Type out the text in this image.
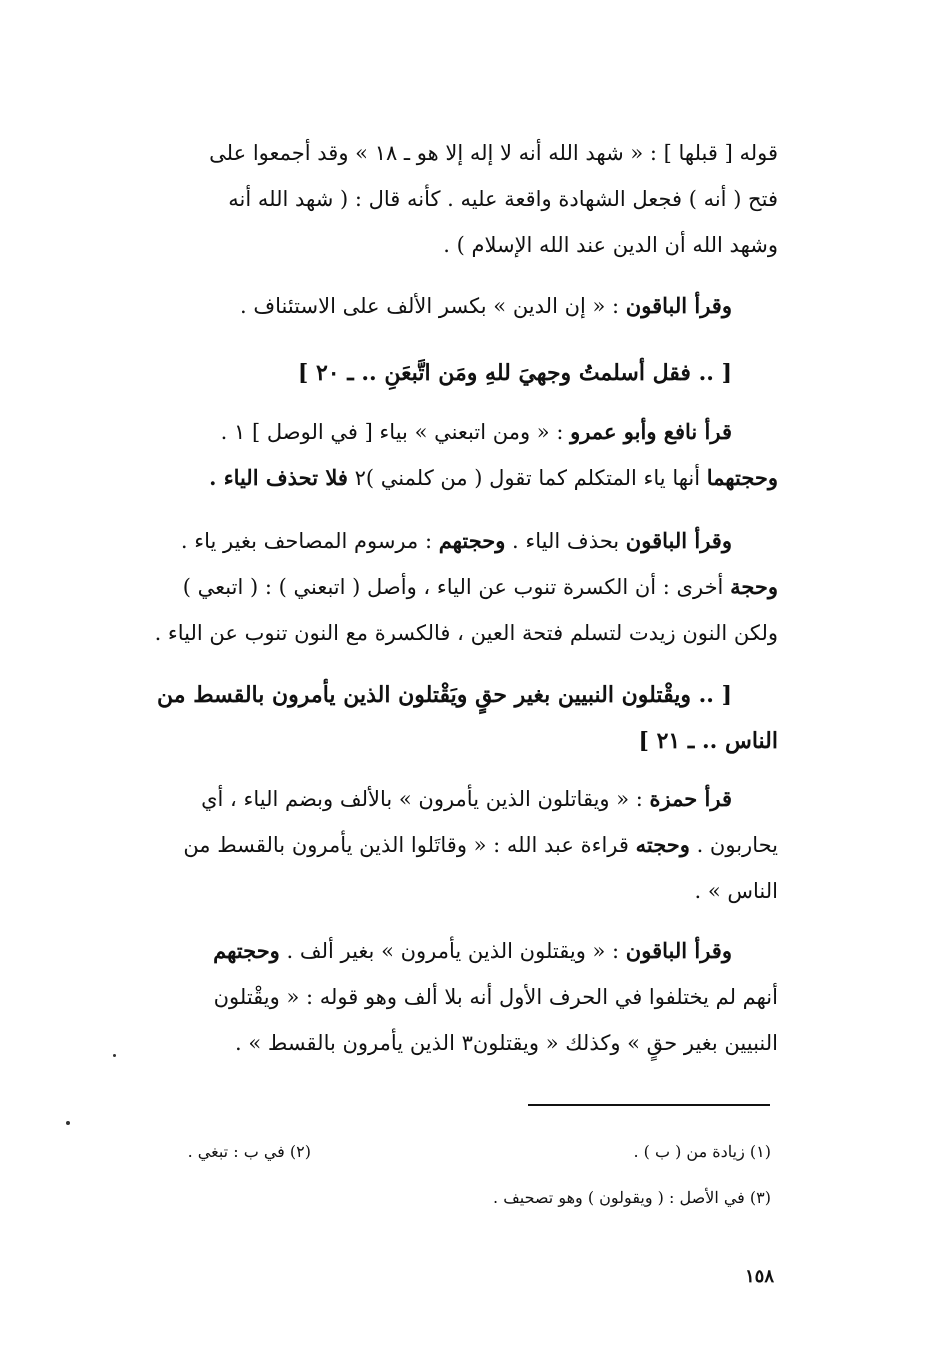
قوله [ قبلها ] : « شهد الله أنه لا إله إلا هو ـ ١٨ » وقد أجمعوا على
فتح ( أنه ) فجعل الشهادة واقعة عليه . كأنه قال : ( شهد الله أنه
وشهد الله أن الدين عند الله الإسلام ) .
وقرأ الباقون : « إن الدين » بكسر الألف على الاستئناف .
[ .. فقل أسلمتُ وجهيَ للهِ ومَن اتَّبعَنِ .. ـ ٢٠ ]
قرأ نافع وأبو عمرو : « ومن اتبعني » بياء [ في الوصل ] ١ .
وحجتهما أنها ياء المتكلم كما تقول ( من كلمني )٢ فلا تحذف الياء .
وقرأ الباقون بحذف الياء . وحجتهم : مرسوم المصاحف بغير ياء .
وحجة أخرى : أن الكسرة تنوب عن الياء ، وأصل ( اتبعني ) : ( اتبعي )
ولكن النون زيدت لتسلم فتحة العين ، فالكسرة مع النون تنوب عن الياء .
[ .. ويقْتلون النبيين بغير حقٍ ويَقْتلون الذين يأمرون بالقسط من
الناس .. ـ ٢١ ]
قرأ حمزة : « ويقاتلون الذين يأمرون » بالألف وبضم الياء ، أي
يحاربون . وحجته قراءة عبد الله : « وقاتَلوا الذين يأمرون بالقسط من
الناس » .
وقرأ الباقون : « ويقتلون الذين يأمرون » بغير ألف . وحجتهم
أنهم لم يختلفوا في الحرف الأول أنه بلا ألف وهو قوله : « ويقْتلون
النبيين بغير حقٍ » وكذلك « ويقتلون٣ الذين يأمرون بالقسط » .
(١) زيادة من ( ب ) .
(٢) في ب : تبغي .
(٣) في الأصل : ( ويقولون ) وهو تصحيف .
١٥٨
